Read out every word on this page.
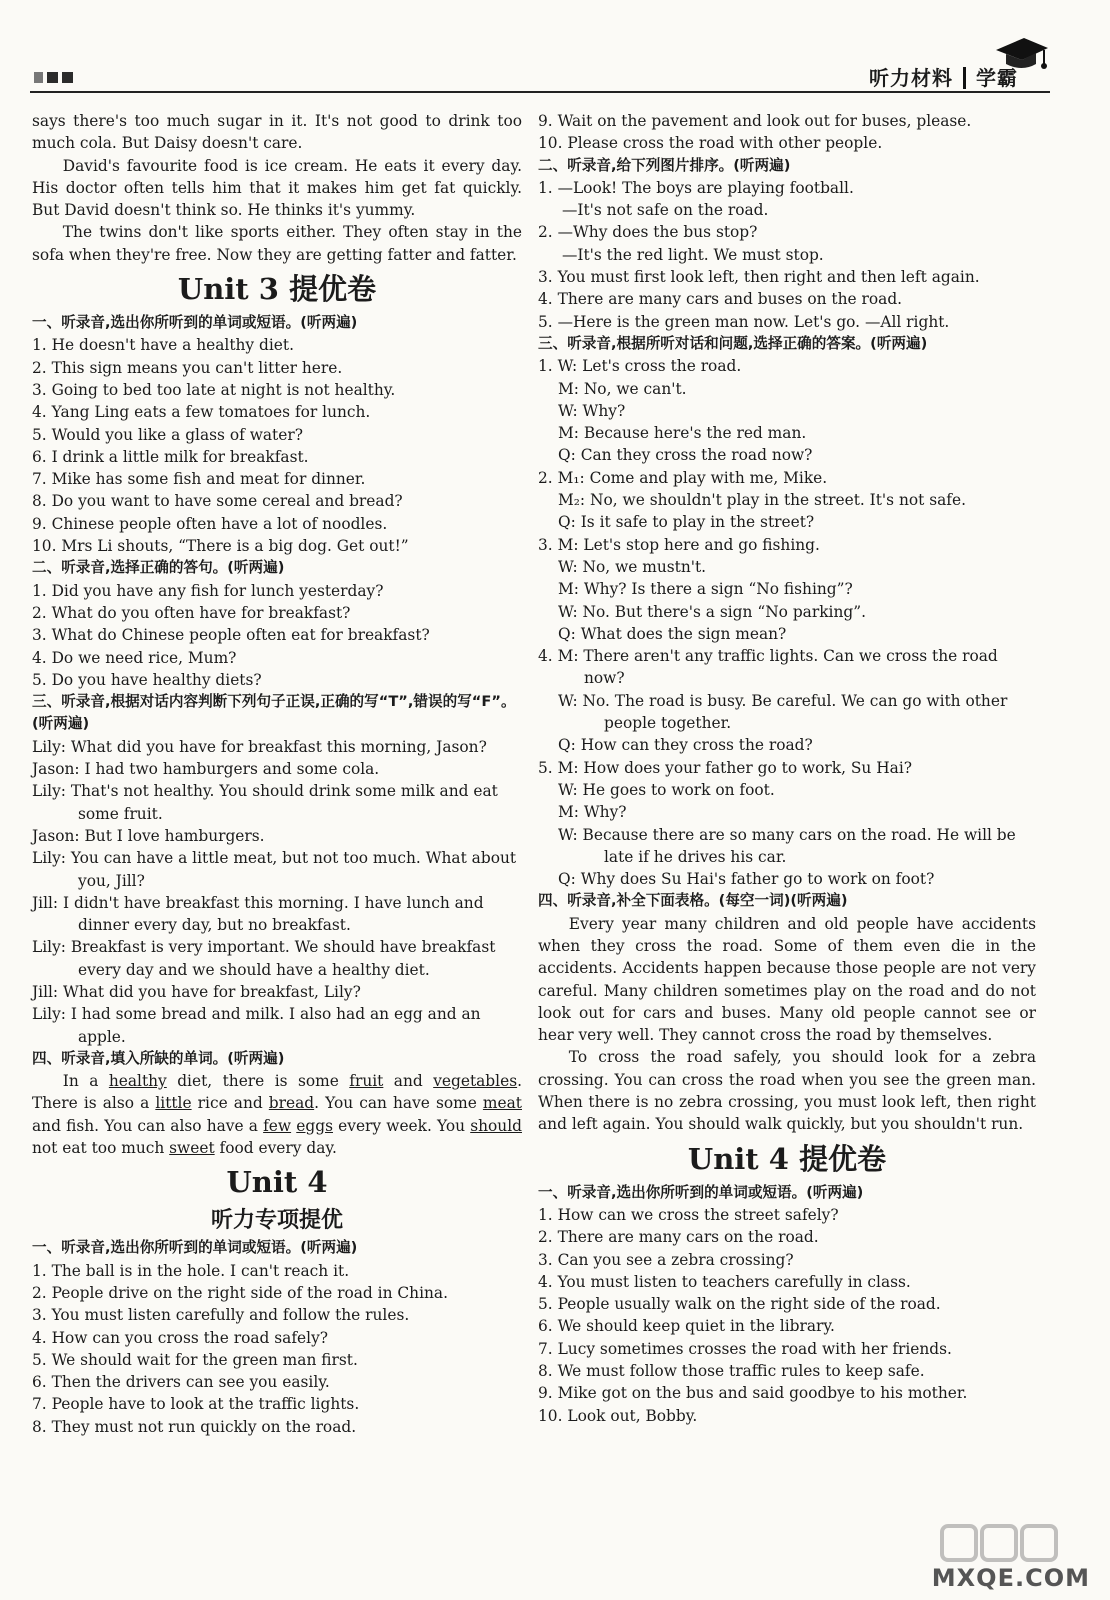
听力材料 学霸
says there's too much sugar in it. It's not good to drink too much cola. But Daisy doesn't care.
David's favourite food is ice cream. He eats it every day. His doctor often tells him that it makes him get fat quickly. But David doesn't think so. He thinks it's yummy.
The twins don't like sports either. They often stay in the sofa when they're free. Now they are getting fatter and fatter.
Unit 3 提优卷
一、听录音,选出你所听到的单词或短语。(听两遍)
1. He doesn't have a healthy diet.
2. This sign means you can't litter here.
3. Going to bed too late at night is not healthy.
4. Yang Ling eats a few tomatoes for lunch.
5. Would you like a glass of water?
6. I drink a little milk for breakfast.
7. Mike has some fish and meat for dinner.
8. Do you want to have some cereal and bread?
9. Chinese people often have a lot of noodles.
10. Mrs Li shouts, “There is a big dog. Get out!”
二、听录音,选择正确的答句。(听两遍)
1. Did you have any fish for lunch yesterday?
2. What do you often have for breakfast?
3. What do Chinese people often eat for breakfast?
4. Do we need rice, Mum?
5. Do you have healthy diets?
三、听录音,根据对话内容判断下列句子正误,正确的写“T”,错误的写“F”。(听两遍)
Lily: What did you have for breakfast this morning, Jason?
Jason: I had two hamburgers and some cola.
Lily: That's not healthy. You should drink some milk and eat some fruit.
Jason: But I love hamburgers.
Lily: You can have a little meat, but not too much. What about you, Jill?
Jill: I didn't have breakfast this morning. I have lunch and dinner every day, but no breakfast.
Lily: Breakfast is very important. We should have breakfast every day and we should have a healthy diet.
Jill: What did you have for breakfast, Lily?
Lily: I had some bread and milk. I also had an egg and an apple.
四、听录音,填入所缺的单词。(听两遍)
In a healthy diet, there is some fruit and vegetables. There is also a little rice and bread. You can have some meat and fish. You can also have a few eggs every week. You should not eat too much sweet food every day.
Unit 4
听力专项提优
一、听录音,选出你所听到的单词或短语。(听两遍)
1. The ball is in the hole. I can't reach it.
2. People drive on the right side of the road in China.
3. You must listen carefully and follow the rules.
4. How can you cross the road safely?
5. We should wait for the green man first.
6. Then the drivers can see you easily.
7. People have to look at the traffic lights.
8. They must not run quickly on the road.
9. Wait on the pavement and look out for buses, please.
10. Please cross the road with other people.
二、听录音,给下列图片排序。(听两遍)
1. —Look! The boys are playing football.
—It's not safe on the road.
2. —Why does the bus stop?
—It's the red light. We must stop.
3. You must first look left, then right and then left again.
4. There are many cars and buses on the road.
5. —Here is the green man now. Let's go. —All right.
三、听录音,根据所听对话和问题,选择正确的答案。(听两遍)
1. W: Let's cross the road.
M: No, we can't.
W: Why?
M: Because here's the red man.
Q: Can they cross the road now?
2. M₁: Come and play with me, Mike.
M₂: No, we shouldn't play in the street. It's not safe.
Q: Is it safe to play in the street?
3. M: Let's stop here and go fishing.
W: No, we mustn't.
M: Why? Is there a sign “No fishing”?
W: No. But there's a sign “No parking”.
Q: What does the sign mean?
4. M: There aren't any traffic lights. Can we cross the road now?
W: No. The road is busy. Be careful. We can go with other people together.
Q: How can they cross the road?
5. M: How does your father go to work, Su Hai?
W: He goes to work on foot.
M: Why?
W: Because there are so many cars on the road. He will be late if he drives his car.
Q: Why does Su Hai's father go to work on foot?
四、听录音,补全下面表格。(每空一词)(听两遍)
Every year many children and old people have accidents when they cross the road. Some of them even die in the accidents. Accidents happen because those people are not very careful. Many children sometimes play on the road and do not look out for cars and buses. Many old people cannot see or hear very well. They cannot cross the road by themselves.
To cross the road safely, you should look for a zebra crossing. You can cross the road when you see the green man. When there is no zebra crossing, you must look left, then right and left again. You should walk quickly, but you shouldn't run.
Unit 4 提优卷
一、听录音,选出你所听到的单词或短语。(听两遍)
1. How can we cross the street safely?
2. There are many cars on the road.
3. Can you see a zebra crossing?
4. You must listen to teachers carefully in class.
5. People usually walk on the right side of the road.
6. We should keep quiet in the library.
7. Lucy sometimes crosses the road with her friends.
8. We must follow those traffic rules to keep safe.
9. Mike got on the bus and said goodbye to his mother.
10. Look out, Bobby.
MXQE.COM
